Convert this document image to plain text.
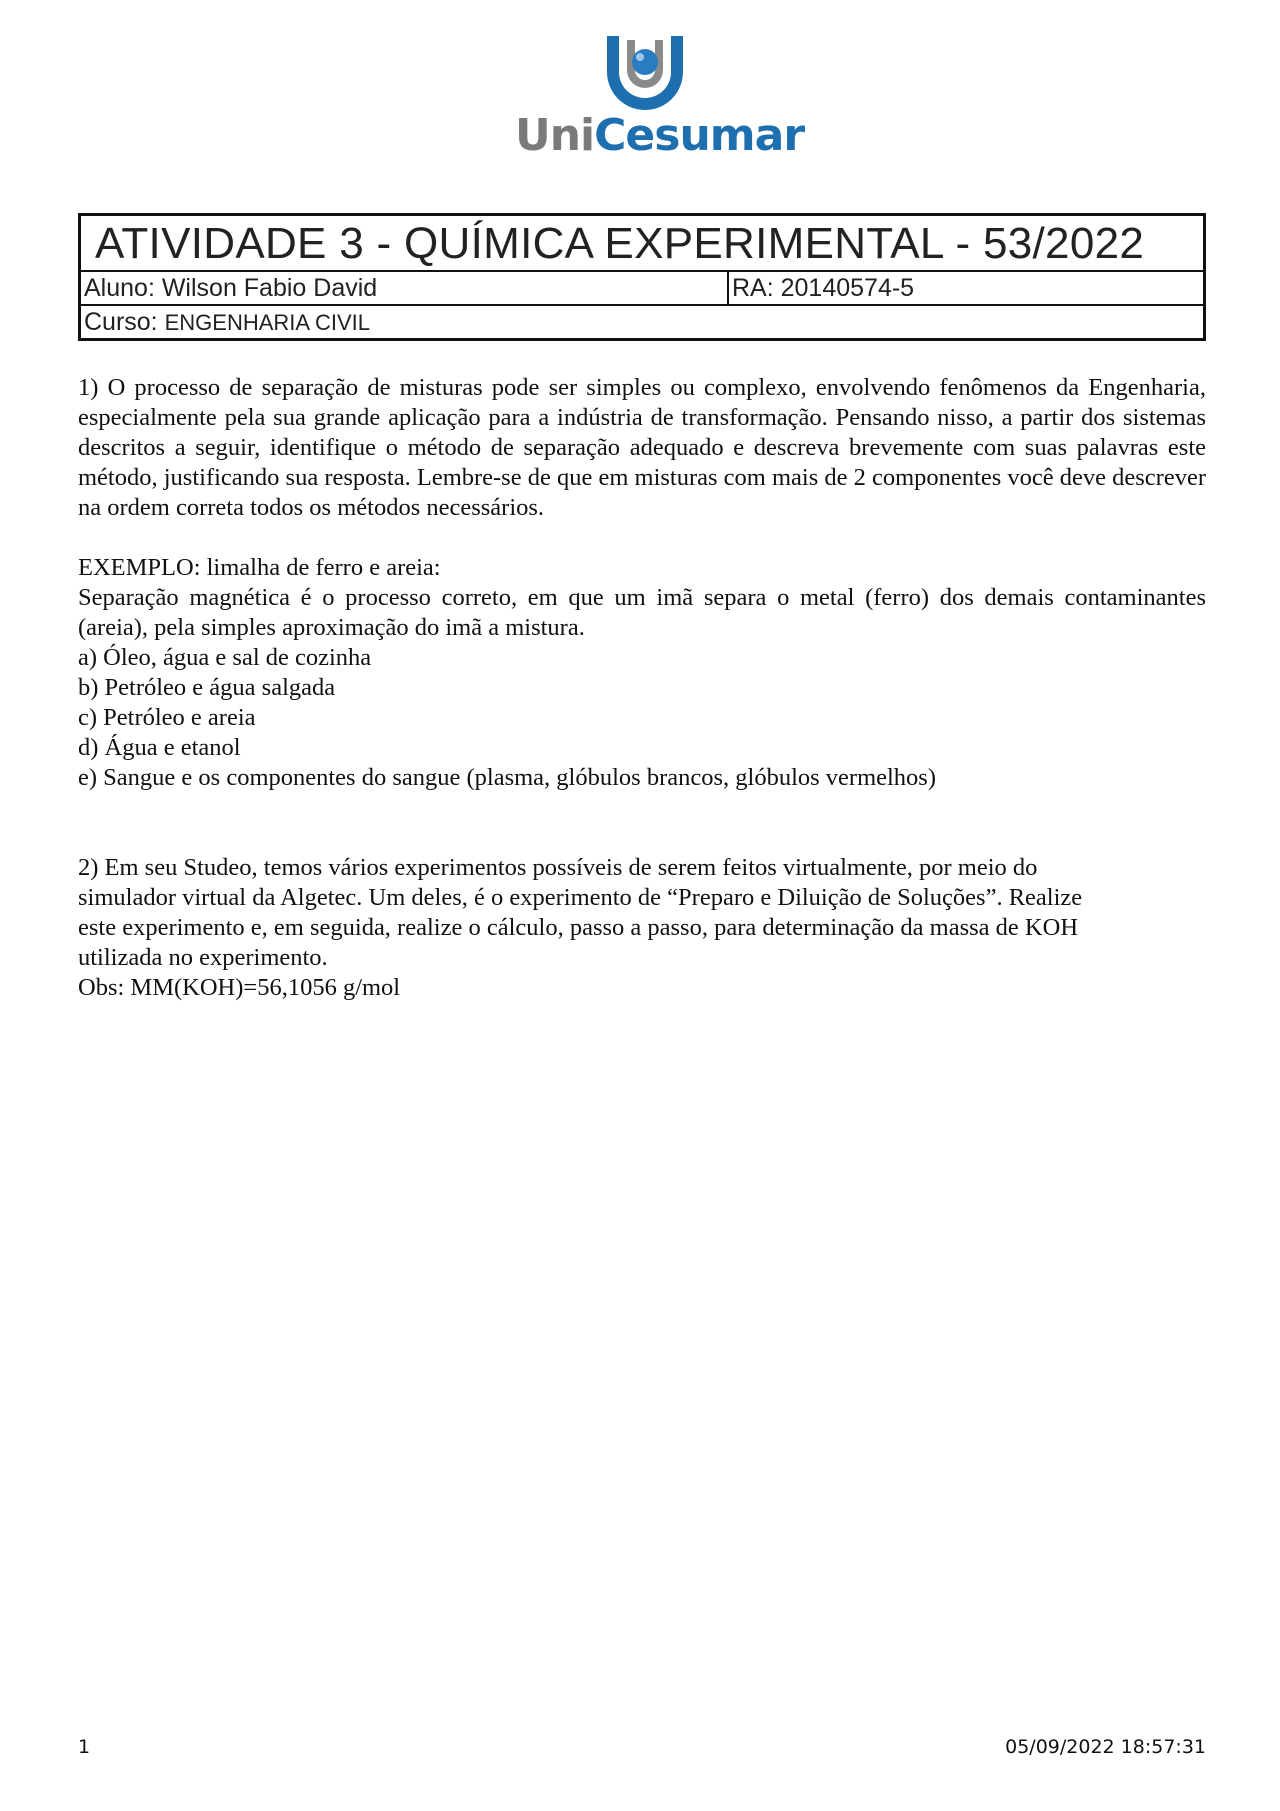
UniCesumar
ATIVIDADE 3 - QUÍMICA EXPERIMENTAL - 53/2022
Aluno: Wilson Fabio David	RA: 20140574-5
Curso: ENGENHARIA CIVIL

1) O processo de separação de misturas pode ser simples ou complexo, envolvendo fenômenos da Engenharia, especialmente pela sua grande aplicação para a indústria de transformação. Pensando nisso, a partir dos sistemas descritos a seguir, identifique o método de separação adequado e descreva brevemente com suas palavras este método, justificando sua resposta. Lembre-se de que em misturas com mais de 2 componentes você deve descrever na ordem correta todos os métodos necessários.

EXEMPLO: limalha de ferro e areia:

Separação magnética é o processo correto, em que um imã separa o metal (ferro) dos demais contaminantes (areia), pela simples aproximação do imã a mistura.

a) Óleo, água e sal de cozinha

b) Petróleo e água salgada

c) Petróleo e areia

d) Água e etanol

e) Sangue e os componentes do sangue (plasma, glóbulos brancos, glóbulos vermelhos)

2) Em seu Studeo, temos vários experimentos possíveis de serem feitos virtualmente, por meio do

simulador virtual da Algetec. Um deles, é o experimento de “Preparo e Diluição de Soluções”. Realize

este experimento e, em seguida, realize o cálculo, passo a passo, para determinação da massa de KOH

utilizada no experimento.

Obs: MM(KOH)=56,1056 g/mol

1	05/09/2022 18:57:31
